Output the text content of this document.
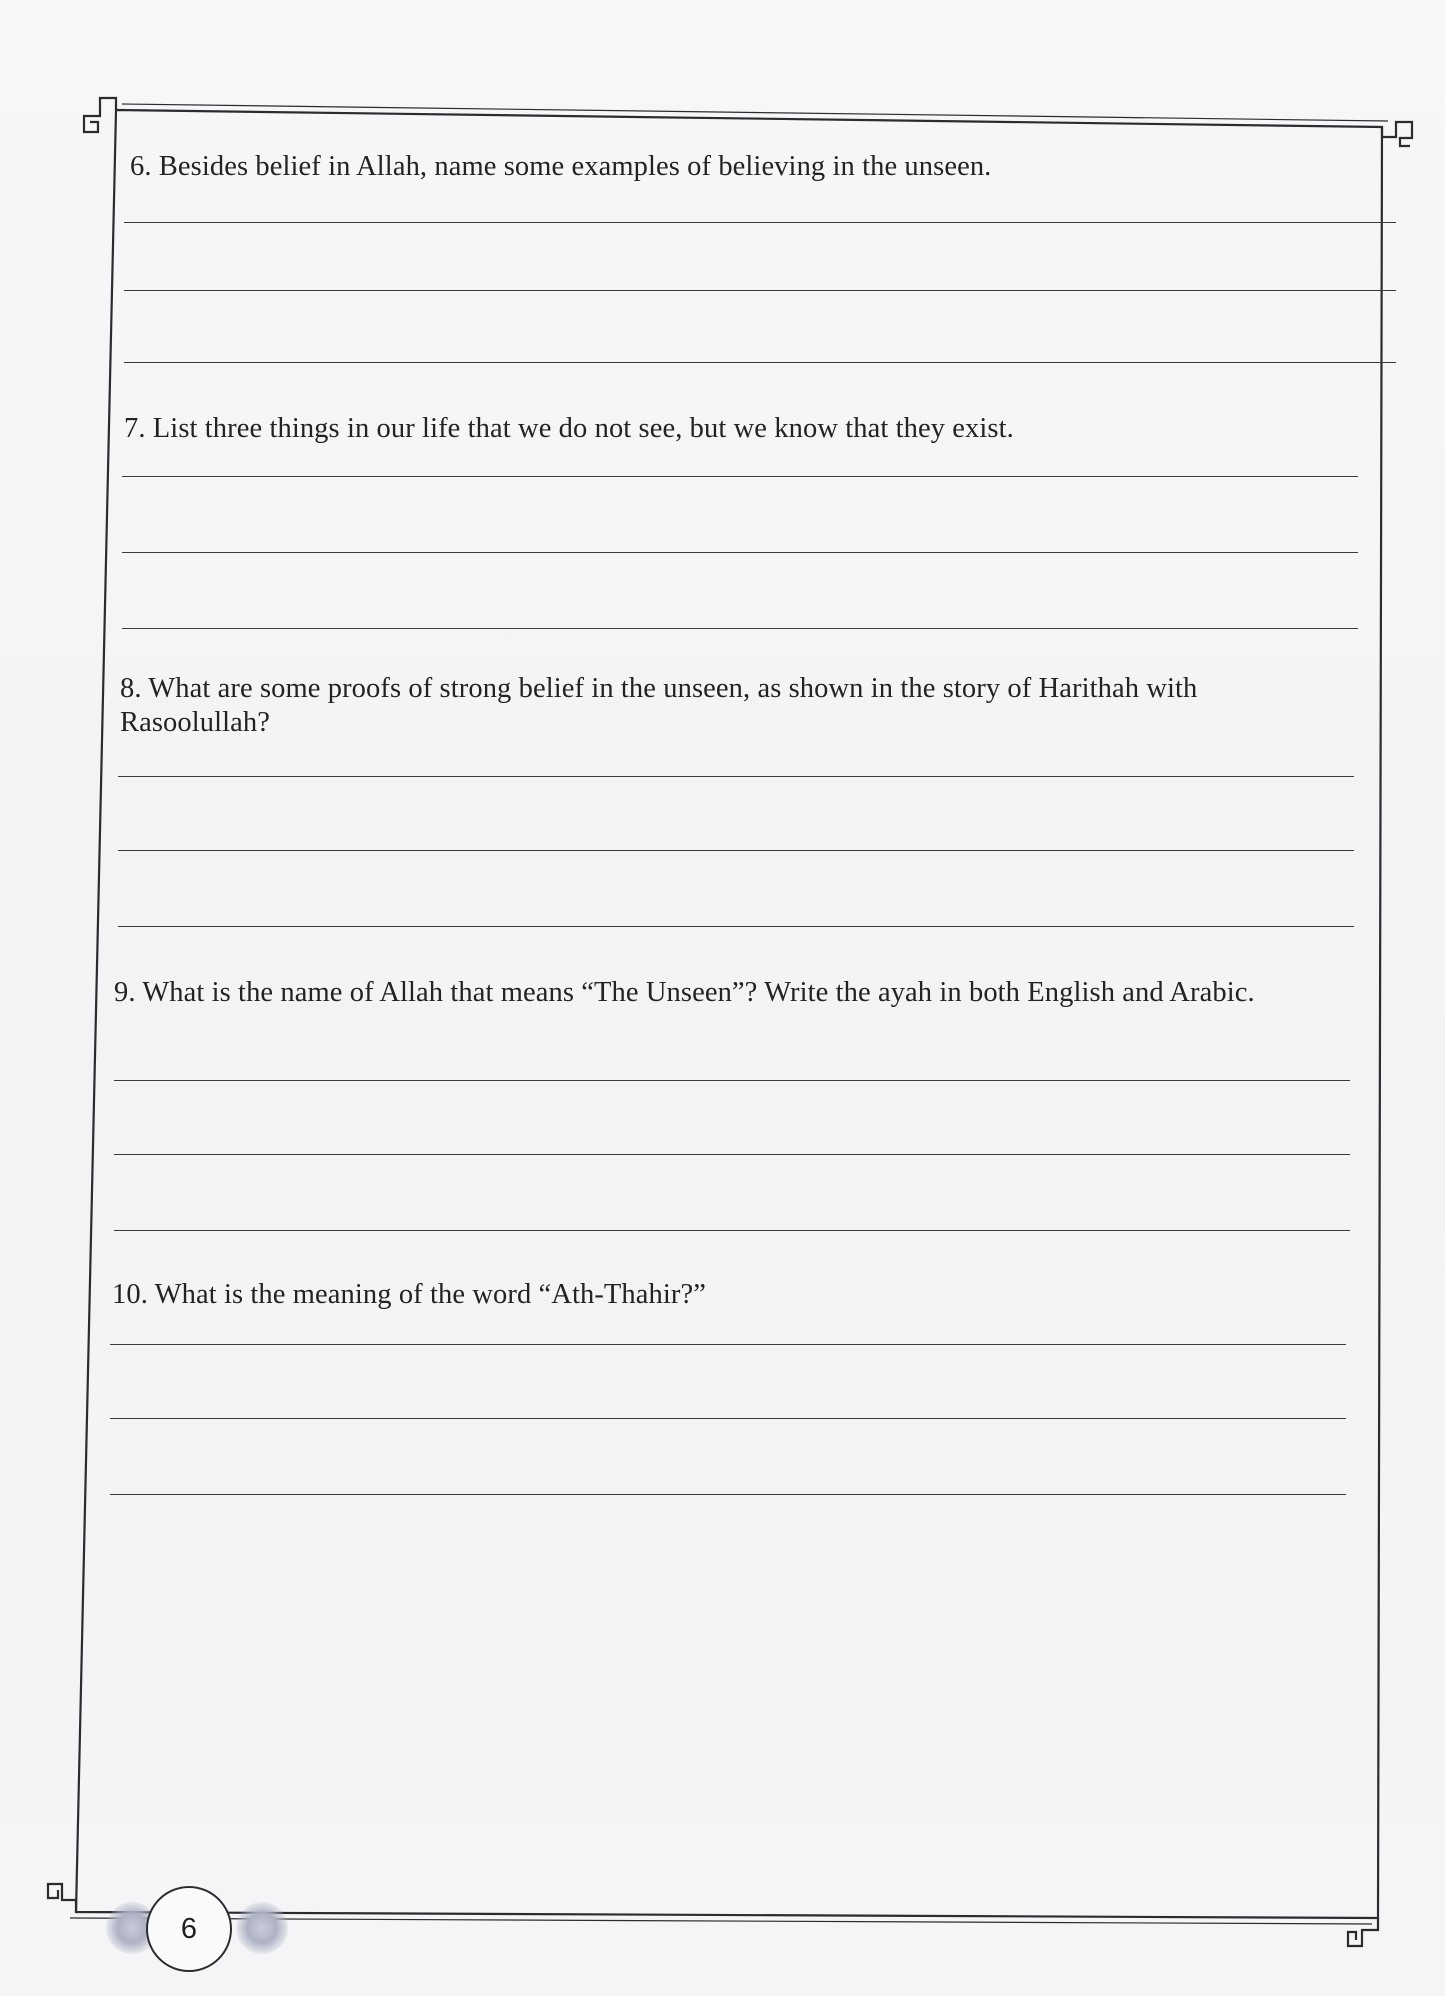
6. Besides belief in Allah, name some examples of believing in the unseen.

7. List three things in our life that we do not see, but we know that they exist.

8. What are some proofs of strong belief in the unseen, as shown in the story of Harithah with Rasoolullah?

9. What is the name of Allah that means “The Unseen”? Write the ayah in both English and Arabic.

10. What is the meaning of the word “Ath-Thahir?”

6
